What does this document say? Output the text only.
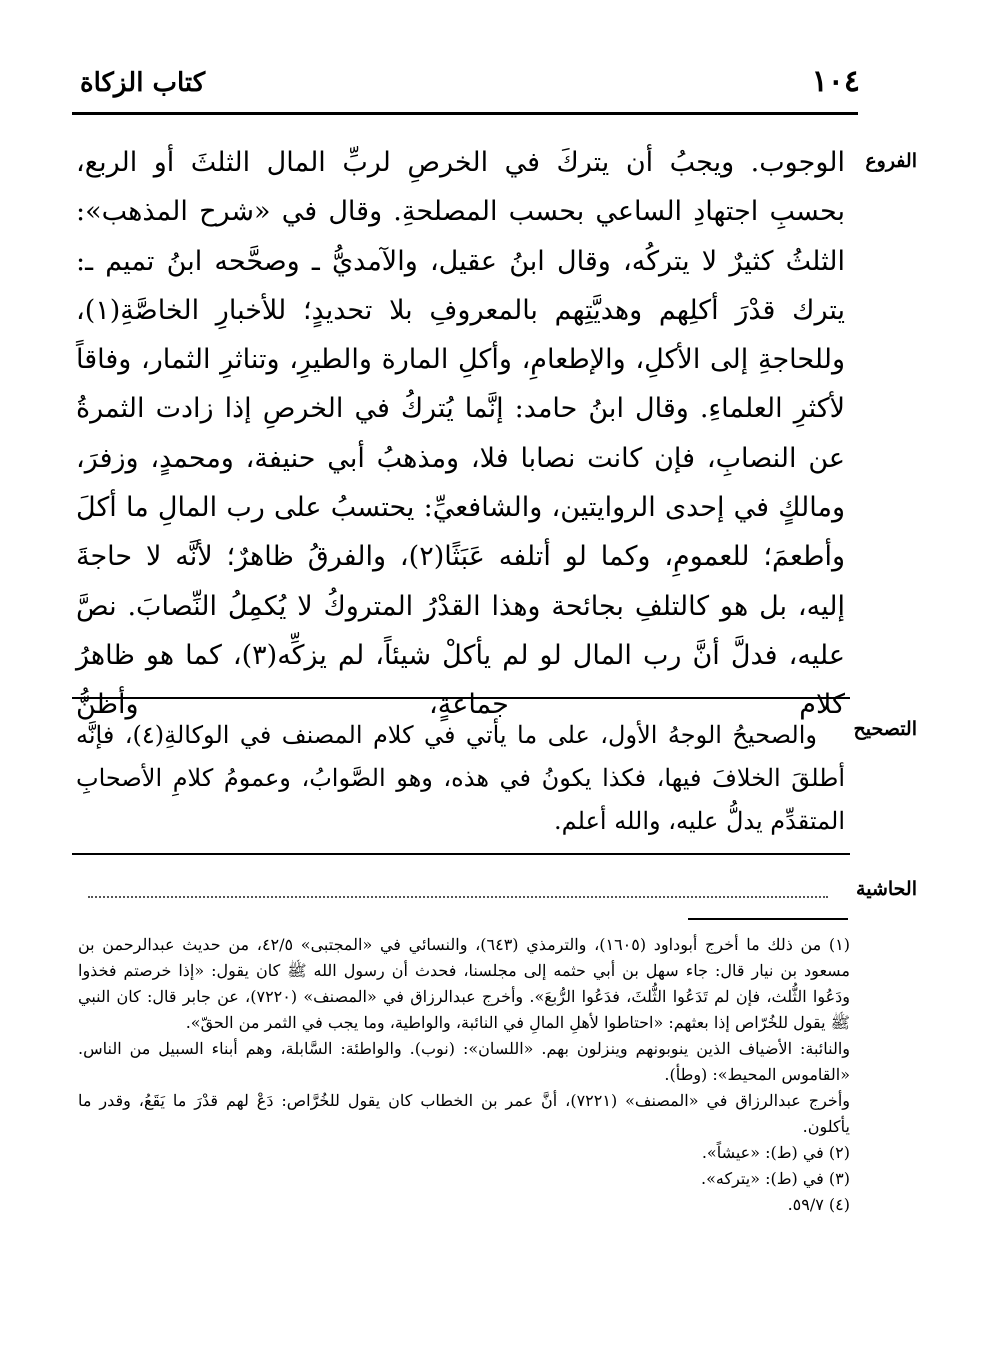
١٠٤
كتاب الزكاة
الفروع

الوجوب. ويجبُ أن يتركَ في الخرصِ لربِّ المال الثلثَ أو الربع، بحسبِ اجتهادِ الساعي بحسب المصلحةِ. وقال في «شرح المذهب»: الثلثُ كثيرٌ لا يتركُه، وقال ابنُ عقيل، والآمديُّ ـ وصحَّحه ابنُ تميم ـ: يترك قدْرَ أكلِهم وهديَّتِهم بالمعروفِ بلا تحديدٍ؛ للأخبارِ الخاصَّةِ(١)، وللحاجةِ إلى الأكلِ، والإطعامِ، وأكلِ المارة والطيرِ، وتناثرِ الثمار، وفاقاً لأكثرِ العلماءِ. وقال ابنُ حامد: إنَّما يُتركُ في الخرصِ إذا زادت الثمرةُ عن النصابِ، فإن كانت نصابا فلا، ومذهبُ أبي حنيفة، ومحمدٍ، وزفرَ، ومالكٍ في إحدى الروايتين، والشافعيِّ: يحتسبُ على رب المالِ ما أكلَ وأطعمَ؛ للعمومِ، وكما لو أتلفه عَبَثًا(٢)، والفرقُ ظاهرٌ؛ لأنَّه لا حاجةَ إليه، بل هو كالتلفِ بجائحة وهذا القدْرُ المتروكُ لا يُكمِلُ النِّصابَ. نصَّ عليه، فدلَّ أنَّ رب المال لو لم يأكلْ شيئاً، لم يزكِّه(٣)، كما هو ظاهرُ كلام جماعةٍ، وأظنُّ

التصحيح

والصحيحُ الوجهُ الأول، على ما يأتي في كلام المصنف في الوكالةِ(٤)، فإنَّه أطلقَ الخلافَ فيها، فكذا يكونُ في هذه، وهو الصَّوابُ، وعمومُ كلامِ الأصحابِ المتقدِّم يدلُّ عليه، والله أعلم.

الحاشية

(١) من ذلك ما أخرج أبوداود (١٦٠٥)، والترمذي (٦٤٣)، والنسائي في «المجتبى» ٤٢/٥، من حديث عبدالرحمن بن مسعود بن نيار قال: جاء سهل بن أبي حثمه إلى مجلسنا، فحدث أن رسول الله ﷺ كان يقول: «إذا خرصتم فخذوا ودَعُوا الثُّلث، فإن لم تَدَعُوا الثُّلثَ، فدَعُوا الرُّبعَ». وأخرج عبدالرزاق في «المصنف» (٧٢٢٠)، عن جابر قال: كان النبي ﷺ يقول للخُرّاص إذا بعثهم: «احتاطوا لأهلِ المالِ في النائبة، والواطية، وما يجب في الثمر من الحقّ».

والنائبة: الأضياف الذين ينوبونهم وينزلون بهم. «اللسان»: (نوب). والواطئة: السَّابلة، وهم أبناء السبيل من الناس. «القاموس المحيط»: (وطأ).

وأخرج عبدالرزاق في «المصنف» (٧٢٢١)، أنَّ عمر بن الخطاب كان يقول للخُرَّاص: دَعْ لهم قدْرَ ما يَقَعُ، وقدر ما يأكلون.

(٢) في (ط): «عيشاً».

(٣) في (ط): «يتركه».

(٤) ٥٩/٧.
